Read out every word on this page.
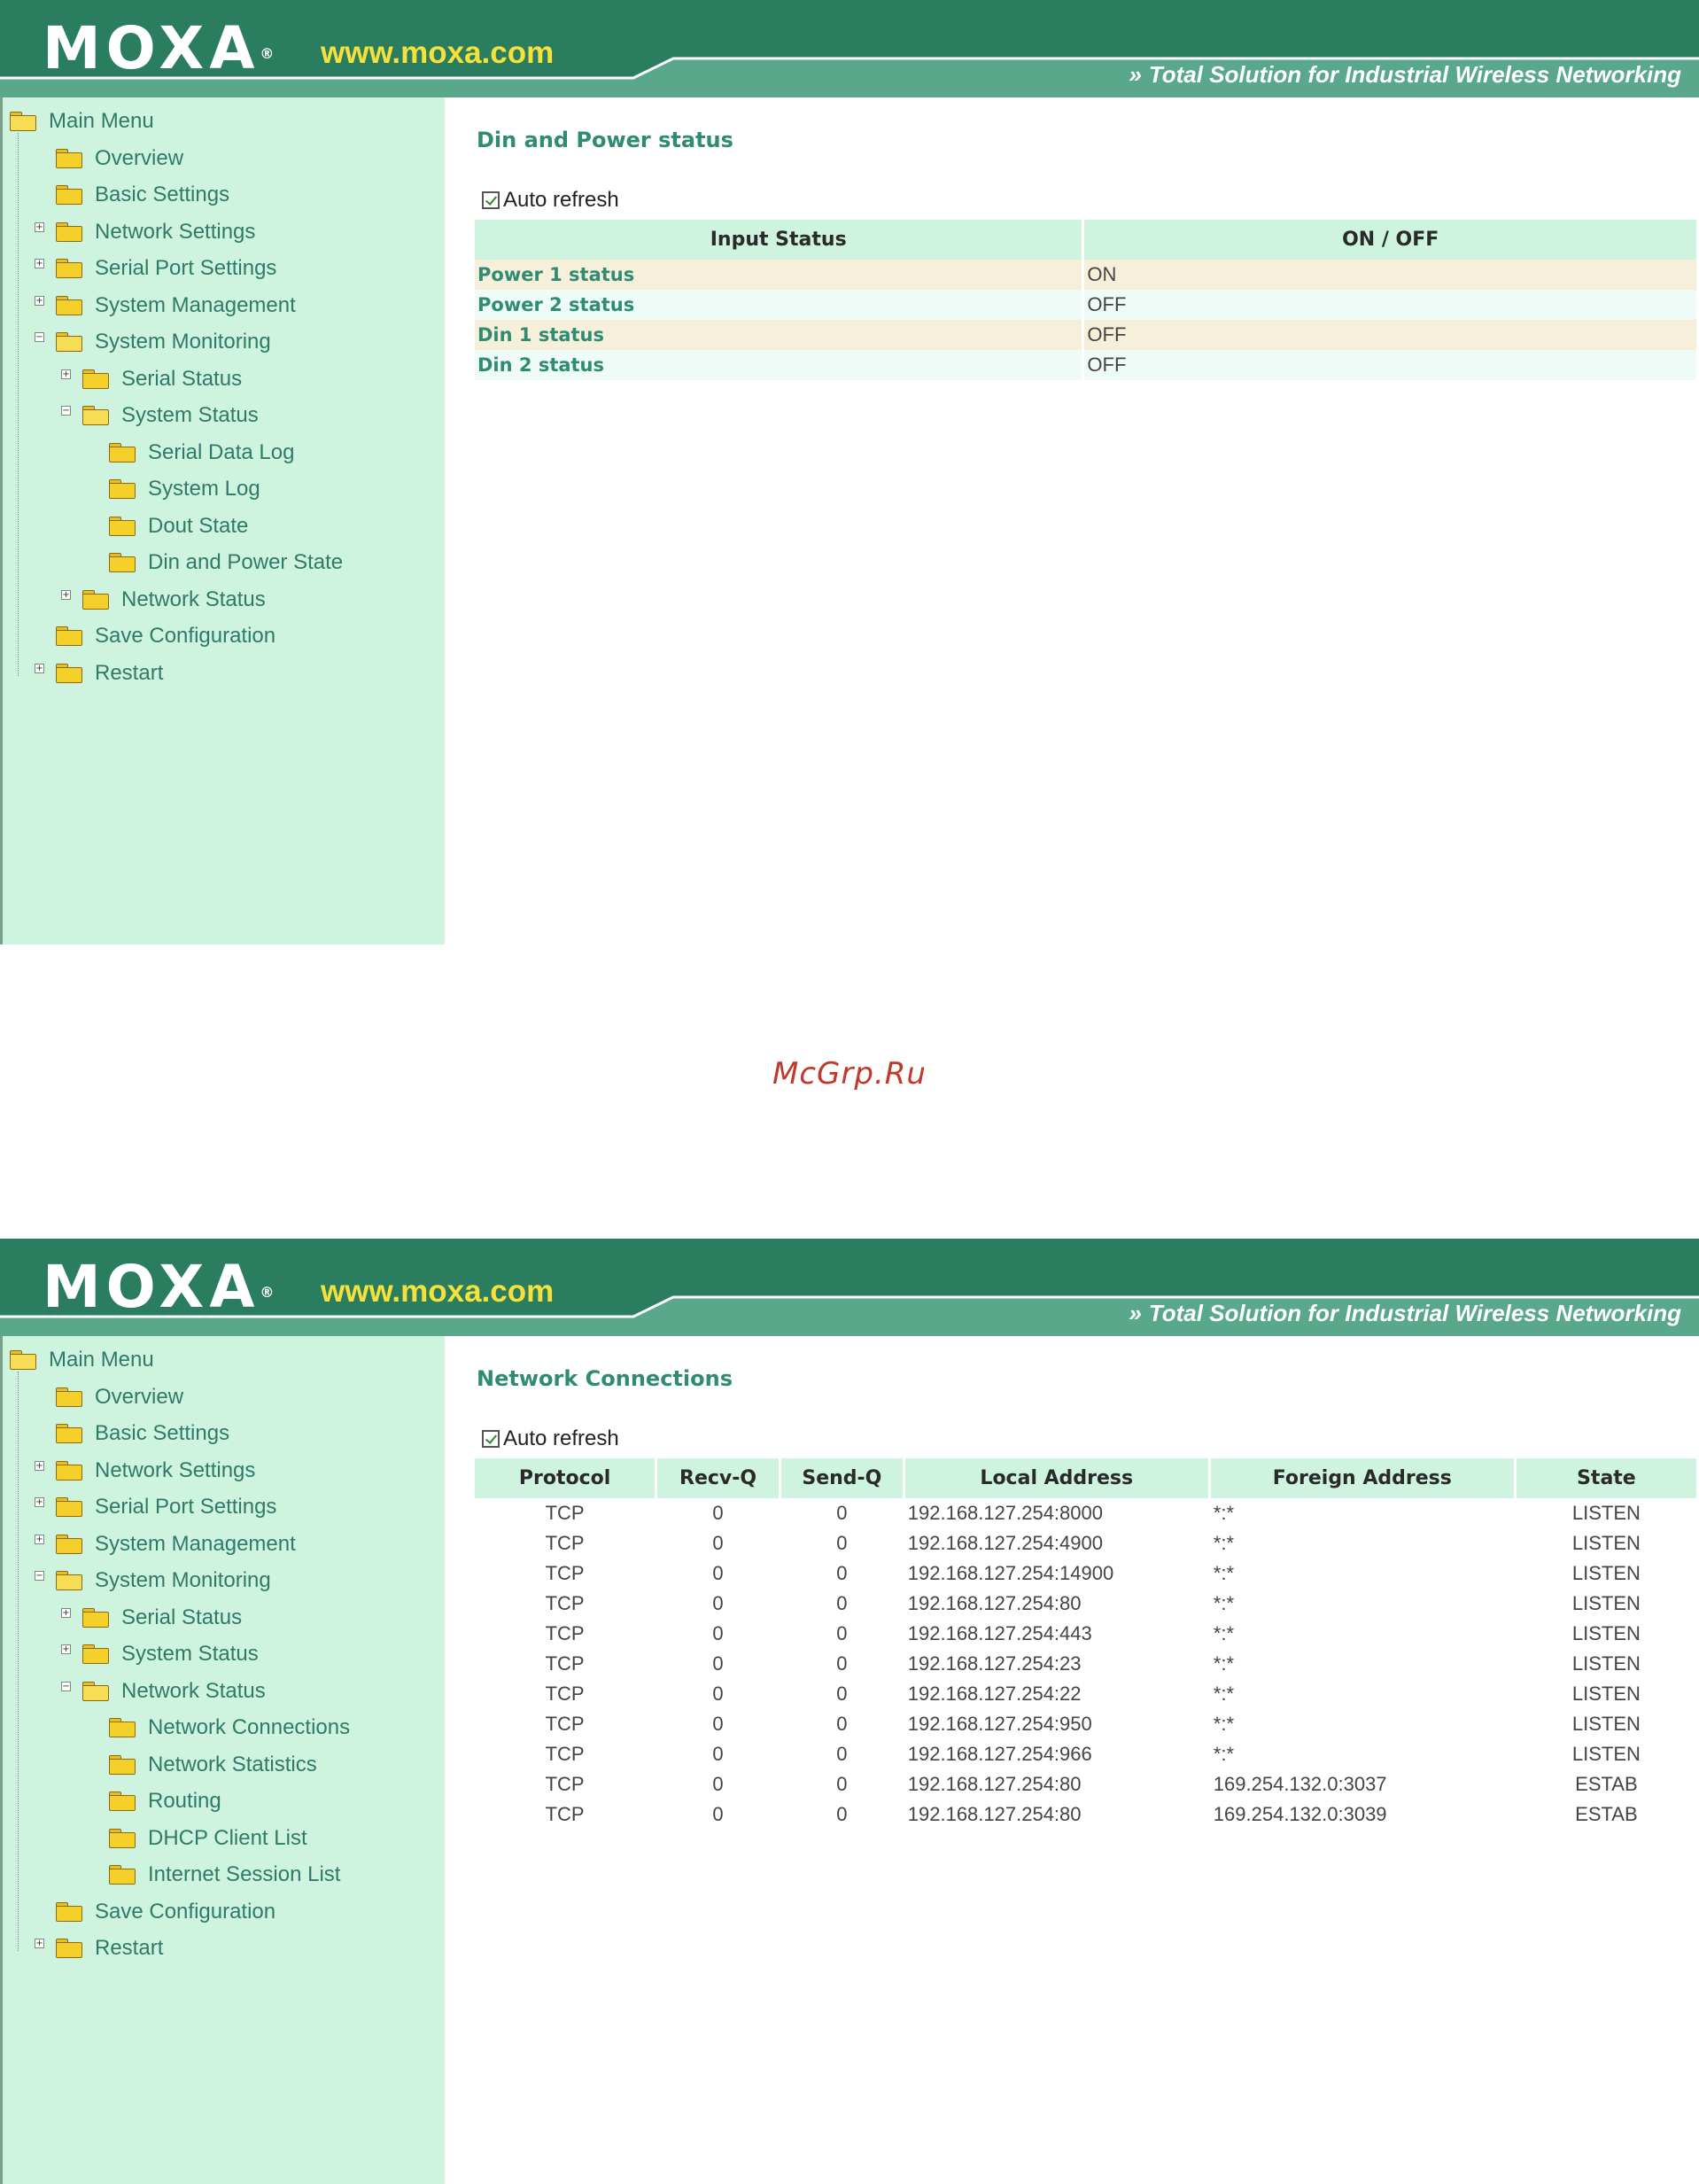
MOXA® www.moxa.com
» Total Solution for Industrial Wireless Networking
Main Menu
Overview
Basic Settings
+ Network Settings
+ Serial Port Settings
+ System Management
− System Monitoring
+ Serial Status
− System Status
Serial Data Log
System Log
Dout State
Din and Power State
+ Network Status
Save Configuration
+ Restart
Din and Power status
Auto refresh
Input Status	ON / OFF
Power 1 status	ON
Power 2 status	OFF
Din 1 status	OFF
Din 2 status	OFF
McGrp.Ru
MOXA® www.moxa.com
» Total Solution for Industrial Wireless Networking
Main Menu
Overview
Basic Settings
+ Network Settings
+ Serial Port Settings
+ System Management
− System Monitoring
+ Serial Status
+ System Status
− Network Status
Network Connections
Network Statistics
Routing
DHCP Client List
Internet Session List
Save Configuration
+ Restart
Network Connections
Auto refresh
Protocol	Recv-Q	Send-Q	Local Address	Foreign Address	State
TCP	0	0	192.168.127.254:8000	*:*	LISTEN
TCP	0	0	192.168.127.254:4900	*:*	LISTEN
TCP	0	0	192.168.127.254:14900	*:*	LISTEN
TCP	0	0	192.168.127.254:80	*:*	LISTEN
TCP	0	0	192.168.127.254:443	*:*	LISTEN
TCP	0	0	192.168.127.254:23	*:*	LISTEN
TCP	0	0	192.168.127.254:22	*:*	LISTEN
TCP	0	0	192.168.127.254:950	*:*	LISTEN
TCP	0	0	192.168.127.254:966	*:*	LISTEN
TCP	0	0	192.168.127.254:80	169.254.132.0:3037	ESTAB
TCP	0	0	192.168.127.254:80	169.254.132.0:3039	ESTAB
